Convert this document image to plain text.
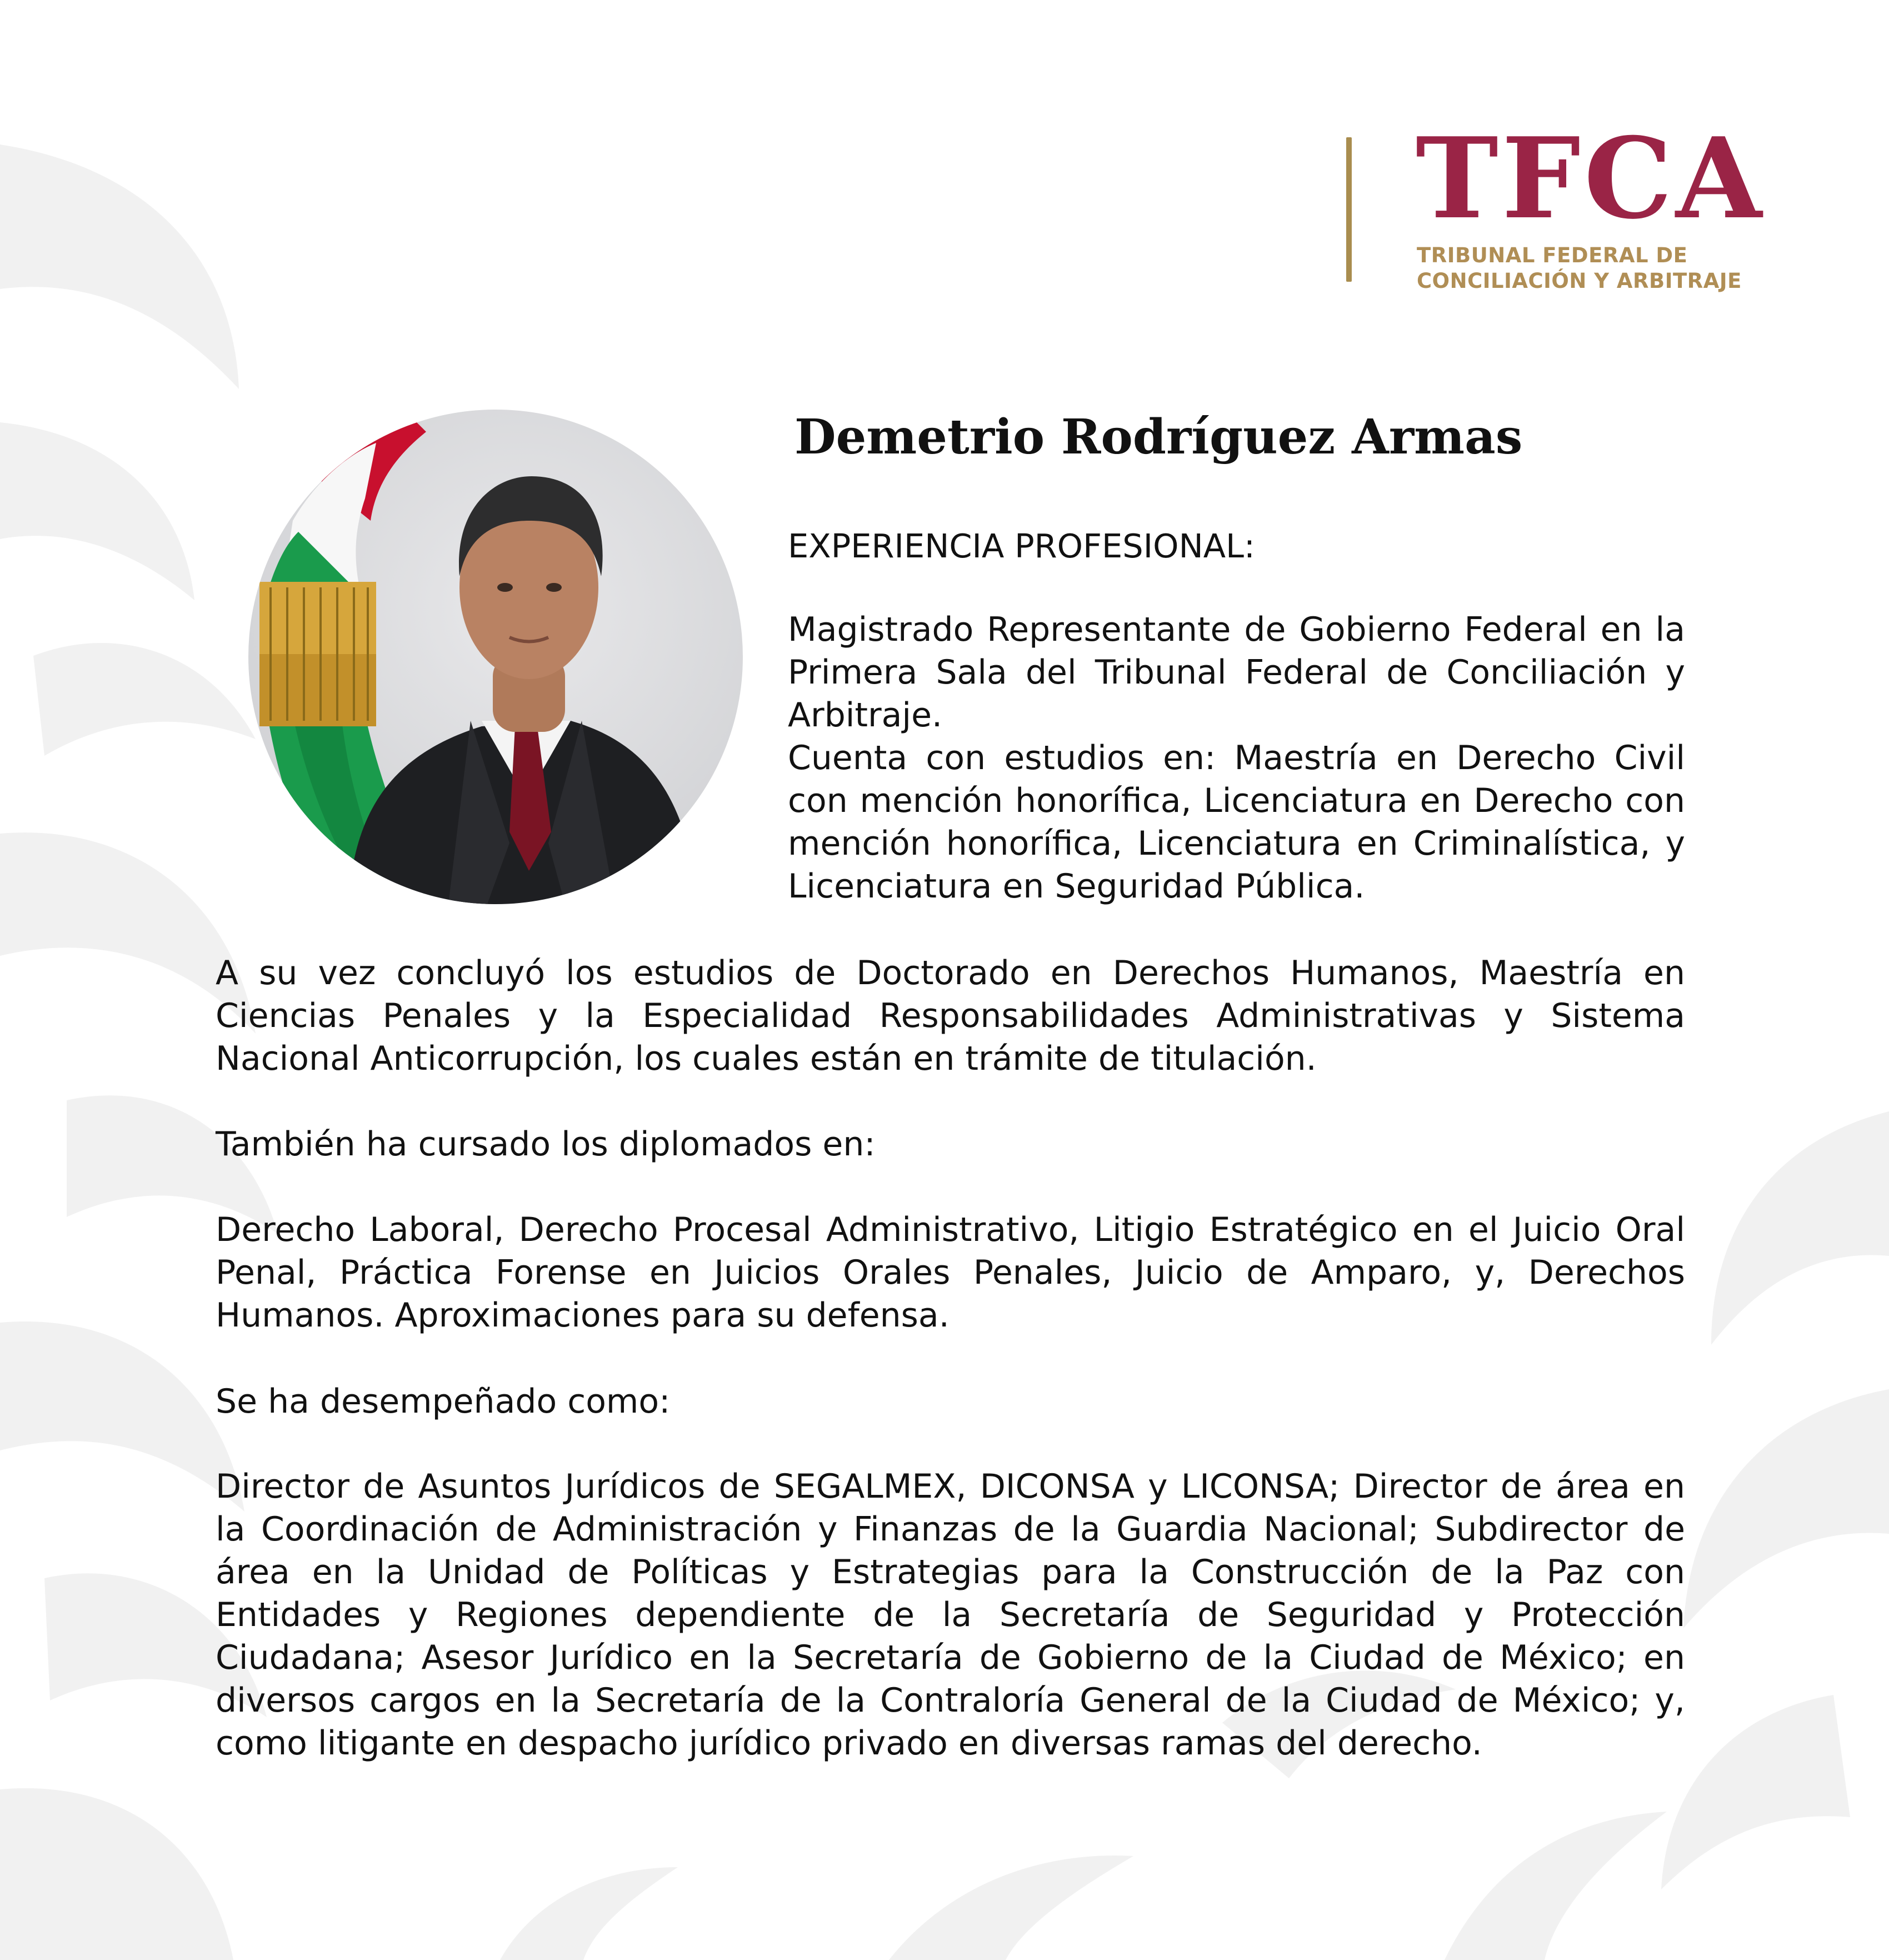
TFCA
TRIBUNAL FEDERAL DE
CONCILIACIÓN Y ARBITRAJE
Demetrio Rodríguez Armas
EXPERIENCIA PROFESIONAL:
Magistrado Representante de Gobierno Federal en la Primera Sala del Tribunal Federal de Conciliación y Arbitraje.
Cuenta con estudios en: Maestría en Derecho Civil con mención honorífica, Licenciatura en Derecho con mención honorífica, Licenciatura en Criminalística, y Licenciatura en Seguridad Pública.
A su vez concluyó los estudios de Doctorado en Derechos Humanos, Maestría en Ciencias Penales y la Especialidad Responsabilidades Administrativas y Sistema Nacional Anticorrupción, los cuales están en trámite de titulación.
También ha cursado los diplomados en:
Derecho Laboral, Derecho Procesal Administrativo, Litigio Estratégico en el Juicio Oral Penal, Práctica Forense en Juicios Orales Penales, Juicio de Amparo, y, Derechos Humanos. Aproximaciones para su defensa.
Se ha desempeñado como:
Director de Asuntos Jurídicos de SEGALMEX, DICONSA y LICONSA; Director de área en la Coordinación de Administración y Finanzas de la Guardia Nacional; Subdirector de área en la Unidad de Políticas y Estrategias para la Construcción de la Paz con Entidades y Regiones dependiente de la Secretaría de Seguridad y Protección Ciudadana; Asesor Jurídico en la Secretaría de Gobierno de la Ciudad de México; en diversos cargos en la Secretaría de la Contraloría General de la Ciudad de México; y, como litigante en despacho jurídico privado en diversas ramas del derecho.
